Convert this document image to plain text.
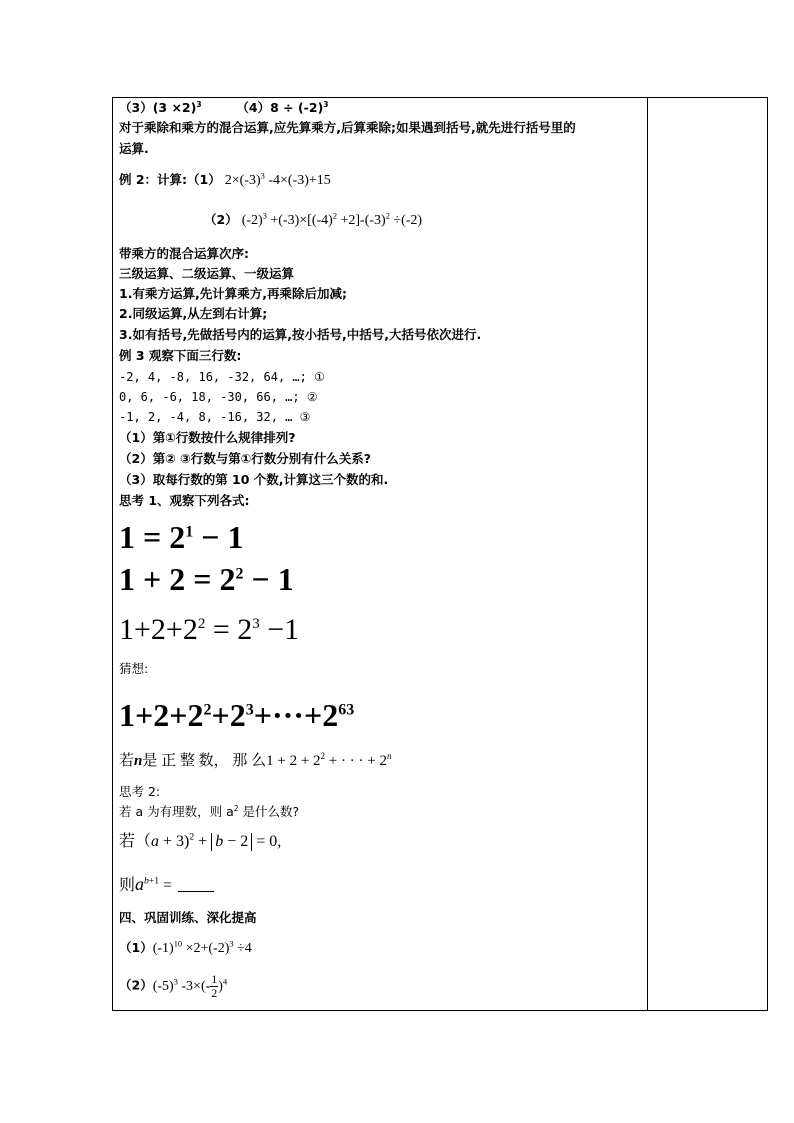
$(3)(3 \times 2)^3$        $(4)8 \div (-2)^3$
对于乘除和乘方的混合运算,应先算乘方,后算乘除;如果遇到括号,就先进行括号里的
运算.
例 2：计算:（1） $2\times(-3)^3$ -4×(-3)+15
（2） $(-2)^3 +(-3)\times[(-4)^2 +2]-(-3)^2 \div(-2)$
带乘方的混合运算次序:
三级运算、二级运算、一级运算
1.有乘方运算,先计算乘方,再乘除后加减;
2.同级运算,从左到右计算;
3.如有括号,先做括号内的运算,按小括号,中括号,大括号依次进行.
例 3 观察下面三行数:
-2, 4, -8, 16, -32, 64, …; ①
0, 6, -6, 18, -30, 66, …; ②
-1, 2, -4, 8, -16, 32, … ③
（1）第①行数按什么规律排列?
（2）第② ③行数与第①行数分别有什么关系?
（3）取每行数的第 10 个数,计算这三个数的和.
思考 1、观察下列各式:
$1 = 2^1 - 1$
$1 + 2 = 2^2 - 1$
$1+2+2^2 = 2^3 -1$
猜想:
$1+2+2^2+2^3+\cdot\cdot\cdot+2^{63}$
若n是 正 整 数， 那 么$1 + 2 + 2^2$ + · · · + $2^n$
思考 2:
若 a 为有理数，则 $a^2$ 是什么数?
若（a + 3)$^2$ + b − 2 = 0,
则$a^{b+1}$ =
四、巩固训练、深化提高
$(1)(-1)^{10} \times 2+(-2)^3 \div 4$
$(2)(-5)^3$ $-3\times(- \frac{1}{2} )^4$
